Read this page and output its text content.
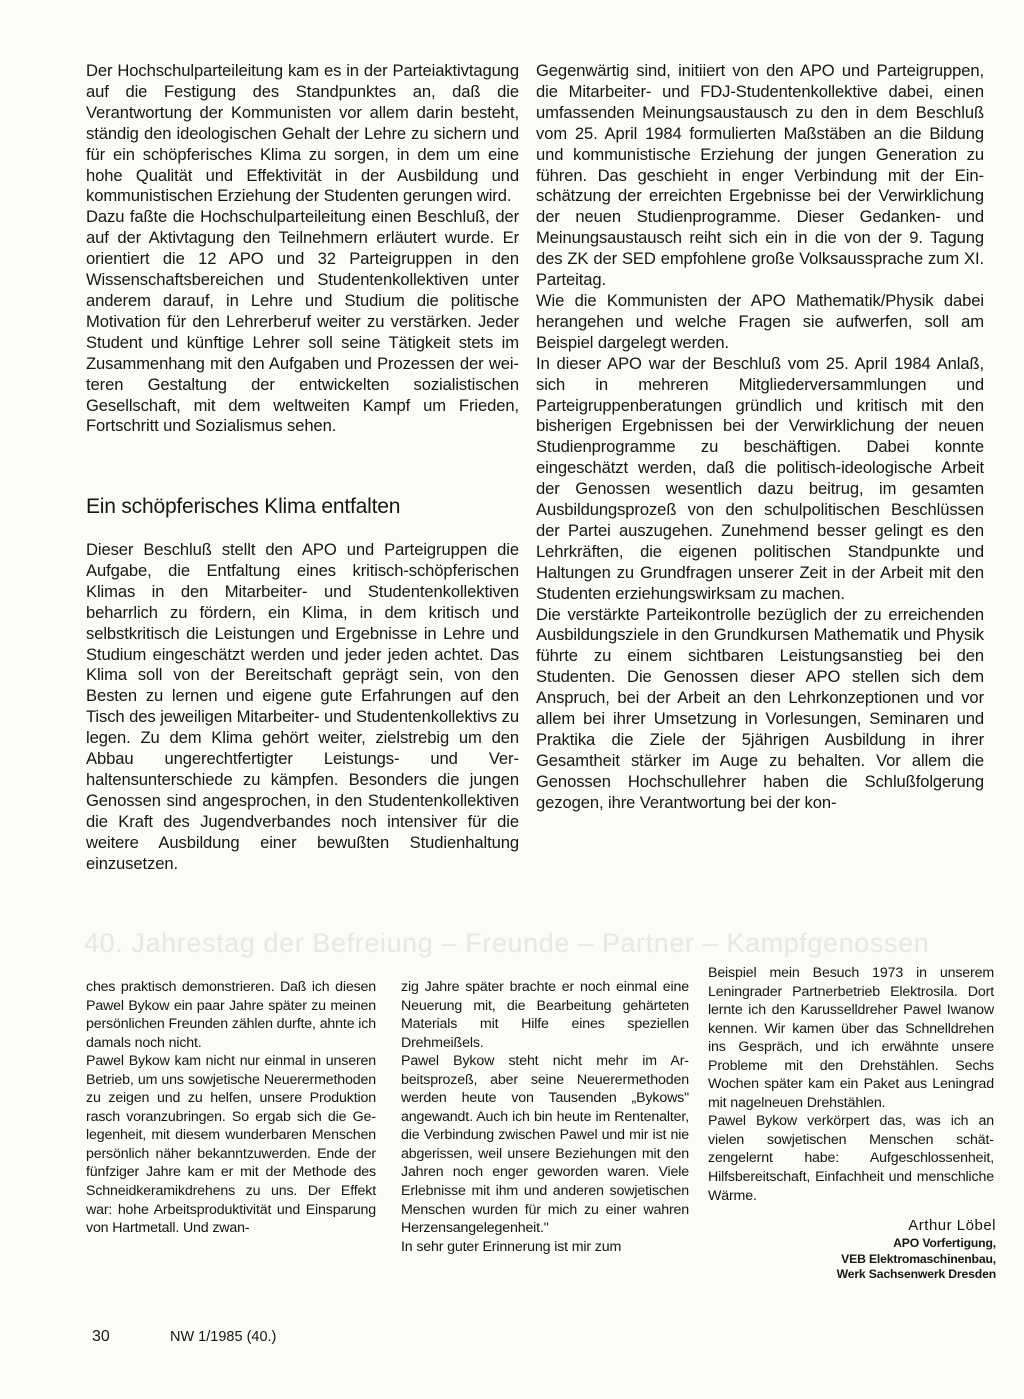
Der Hochschulparteileitung kam es in der Parteiaktivtagung auf die Festigung des Standpunktes an, daß die Verantwortung der Kommunisten vor allem darin besteht, ständig den ideologischen Gehalt der Lehre zu sichern und für ein schöpferisches Klima zu sorgen, in dem um eine hohe Qualität und Effektivität in der Ausbildung und kommunistischen Erziehung der Studenten gerungen wird.

Dazu faßte die Hochschulparteileitung einen Beschluß, der auf der Aktivtagung den Teilnehmern erläutert wurde. Er orientiert die 12 APO und 32 Parteigruppen in den Wissenschaftsbereichen und Studentenkollektiven unter anderem darauf, in Lehre und Studium die politische Motivation für den Lehrerberuf weiter zu verstärken. Jeder Student und künftige Lehrer soll seine Tätigkeit stets im Zusammenhang mit den Aufgaben und Prozessen der weiteren Gestaltung der entwickelten sozialistischen Gesellschaft, mit dem weltweiten Kampf um Frieden, Fortschritt und Sozialismus sehen.

Ein schöpferisches Klima entfalten

Dieser Beschluß stellt den APO und Parteigruppen die Aufgabe, die Entfaltung eines kritisch-schöpferischen Klimas in den Mitarbeiter- und Studentenkollektiven beharrlich zu fördern, ein Klima, in dem kritisch und selbstkritisch die Leistungen und Ergebnisse in Lehre und Studium eingeschätzt werden und jeder jeden achtet. Das Klima soll von der Bereitschaft geprägt sein, von den Besten zu lernen und eigene gute Erfahrungen auf den Tisch des jeweiligen Mitarbeiter- und Studentenkollektivs zu legen. Zu dem Klima gehört weiter, zielstrebig um den Abbau ungerechtfertigter Leistungs- und Verhaltensunterschiede zu kämpfen. Besonders die jungen Genossen sind angesprochen, in den Studentenkollektiven die Kraft des Jugendverbandes noch intensiver für die weitere Ausbildung einer bewußten Studienhaltung einzusetzen.

Gegenwärtig sind, initiiert von den APO und Parteigruppen, die Mitarbeiter- und FDJ-Studentenkollektive dabei, einen umfassenden Meinungsaustausch zu den in dem Beschluß vom 25. April 1984 formulierten Maßstäben an die Bildung und kommunistische Erziehung der jungen Generation zu führen. Das geschieht in enger Verbindung mit der Einschätzung der erreichten Ergebnisse bei der Verwirklichung der neuen Studienprogramme. Dieser Gedanken- und Meinungsaustausch reiht sich ein in die von der 9. Tagung des ZK der SED empfohlene große Volksaussprache zum XI. Parteitag.

Wie die Kommunisten der APO Mathematik/Physik dabei herangehen und welche Fragen sie aufwerfen, soll am Beispiel dargelegt werden.

In dieser APO war der Beschluß vom 25. April 1984 Anlaß, sich in mehreren Mitgliederversammlungen und Parteigruppenberatungen gründlich und kritisch mit den bisherigen Ergebnissen bei der Verwirklichung der neuen Studienprogramme zu beschäftigen. Dabei konnte eingeschätzt werden, daß die politisch-ideologische Arbeit der Genossen wesentlich dazu beitrug, im gesamten Ausbildungsprozeß von den schulpolitischen Beschlüssen der Partei auszugehen. Zunehmend besser gelingt es den Lehrkräften, die eigenen politischen Standpunkte und Haltungen zu Grundfragen unserer Zeit in der Arbeit mit den Studenten erziehungswirksam zu machen.

Die verstärkte Parteikontrolle bezüglich der zu erreichenden Ausbildungsziele in den Grundkursen Mathematik und Physik führte zu einem sichtbaren Leistungsanstieg bei den Studenten. Die Genossen dieser APO stellen sich dem Anspruch, bei der Arbeit an den Lehrkonzeptionen und vor allem bei ihrer Umsetzung in Vorlesungen, Seminaren und Praktika die Ziele der 5jährigen Ausbildung in ihrer Gesamtheit stärker im Auge zu behalten. Vor allem die Genossen Hochschullehrer haben die Schlußfolgerung gezogen, ihre Verantwortung bei der kon-

40. Jahrestag der Befreiung – Freunde – Partner – Kampfgenossen

ches praktisch demonstrieren. Daß ich diesen Pawel Bykow ein paar Jahre später zu meinen persönlichen Freunden zählen durfte, ahnte ich damals noch nicht.

Pawel Bykow kam nicht nur einmal in unseren Betrieb, um uns sowjetische Neuerermethoden zu zeigen und zu helfen, unsere Produktion rasch voranzubringen. So ergab sich die Gelegenheit, mit diesem wunderbaren Menschen persönlich näher bekanntzuwerden. Ende der fünfziger Jahre kam er mit der Methode des Schneidkeramikdrehens zu uns. Der Effekt war: hohe Arbeitsproduktivität und Einsparung von Hartmetall. Und zwan-

zig Jahre später brachte er noch einmal eine Neuerung mit, die Bearbeitung gehärteten Materials mit Hilfe eines speziellen Drehmeißels.

Pawel Bykow steht nicht mehr im Arbeitsprozeß, aber seine Neuerermethoden werden heute von Tausenden „Bykows" angewandt. Auch ich bin heute im Rentenalter, die Verbindung zwischen Pawel und mir ist nie abgerissen, weil unsere Beziehungen mit den Jahren noch enger geworden waren. Viele Erlebnisse mit ihm und anderen sowjetischen Menschen wurden für mich zu einer wahren Herzensangelegenheit."

In sehr guter Erinnerung ist mir zum

Beispiel mein Besuch 1973 in unserem Leningrader Partnerbetrieb Elektrosila. Dort lernte ich den Karusselldreher Pawel Iwanow kennen. Wir kamen über das Schnelldrehen ins Gespräch, und ich erwähnte unsere Probleme mit den Drehstählen. Sechs Wochen später kam ein Paket aus Leningrad mit nagelneuen Drehstählen.

Pawel Bykow verkörpert das, was ich an vielen sowjetischen Menschen schätzengelernt habe: Aufgeschlossenheit, Hilfsbereitschaft, Einfachheit und menschliche Wärme.

Arthur Löbel
APO Vorfertigung,
VEB Elektromaschinenbau,
Werk Sachsenwerk Dresden
30	NW 1/1985 (40.)
